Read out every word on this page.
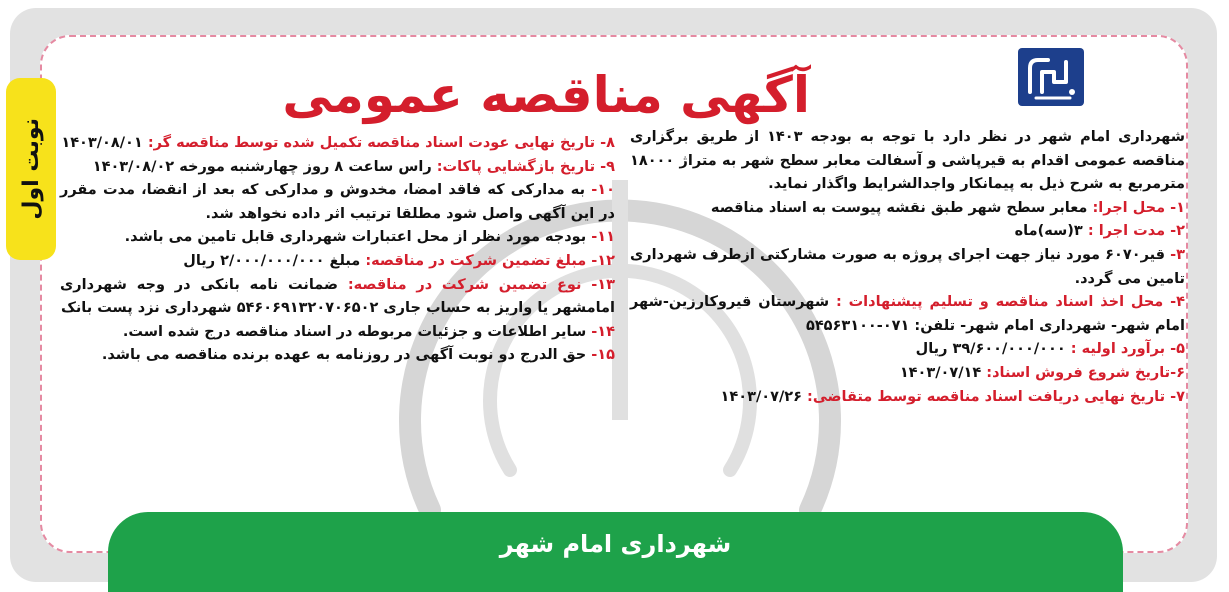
نوبت اول
آگهی مناقصه عمومی

شهرداری امام شهر در نظر دارد با توجه به بودجه ۱۴۰۳ از طریق برگزاری مناقصه عمومی اقدام به قیرپاشی و آسفالت معابر سطح شهر به متراژ ۱۸۰۰۰ مترمربع به شرح ذیل به پیمانکار واجدالشرایط واگذار نماید.

۱- محل اجرا: معابر سطح شهر طبق نقشه پیوست به اسناد مناقصه

۲- مدت اجرا : ۳(سه)ماه

۳- قیر۶۰۷۰ مورد نیاز جهت اجرای پروژه به صورت مشارکتی ازطرف شهرداری تامین می گردد.

۴- محل اخذ اسناد مناقصه و تسلیم پیشنهادات : شهرستان قیروکارزین-شهر امام شهر- شهرداری امام شهر- تلفن: ۰۷۱-۵۴۵۶۳۱۰۰

۵- برآورد اولیه : ۳۹/۶۰۰/۰۰۰/۰۰۰ ریال

۶-تاریخ شروع فروش اسناد: ۱۴۰۳/۰۷/۱۴

۷- تاریخ نهایی دریافت اسناد مناقصه توسط متقاضی: ۱۴۰۳/۰۷/۲۶

۸- تاریخ نهایی عودت اسناد مناقصه تکمیل شده توسط مناقصه گر: ۱۴۰۳/۰۸/۰۱

۹- تاریخ بازگشایی پاکات: راس ساعت ۸ روز چهارشنبه مورخه ۱۴۰۳/۰۸/۰۲

۱۰- به مدارکی که فاقد امضا، مخدوش و مدارکی که بعد از انقضا، مدت مقرر در این آگهی واصل شود مطلقا ترتیب اثر داده نخواهد شد.

۱۱- بودجه مورد نظر از محل اعتبارات شهرداری قابل تامین می باشد.

۱۲- مبلغ تضمین شرکت در مناقصه: مبلغ ۲/۰۰۰/۰۰۰/۰۰۰ ریال

۱۳- نوع تضمین شرکت در مناقصه: ضمانت نامه بانکی در وجه شهرداری امامشهر یا واریز به حساب جاری ۵۴۶۰۶۹۱۳۲۰۷۰۶۵۰۲ شهرداری نزد پست بانک

۱۴- سایر اطلاعات و جزئیات مربوطه در اسناد مناقصه درج شده است.

۱۵- حق الدرج دو نوبت آگهی در روزنامه به عهده برنده مناقصه می باشد.

شهرداری امام شهر
